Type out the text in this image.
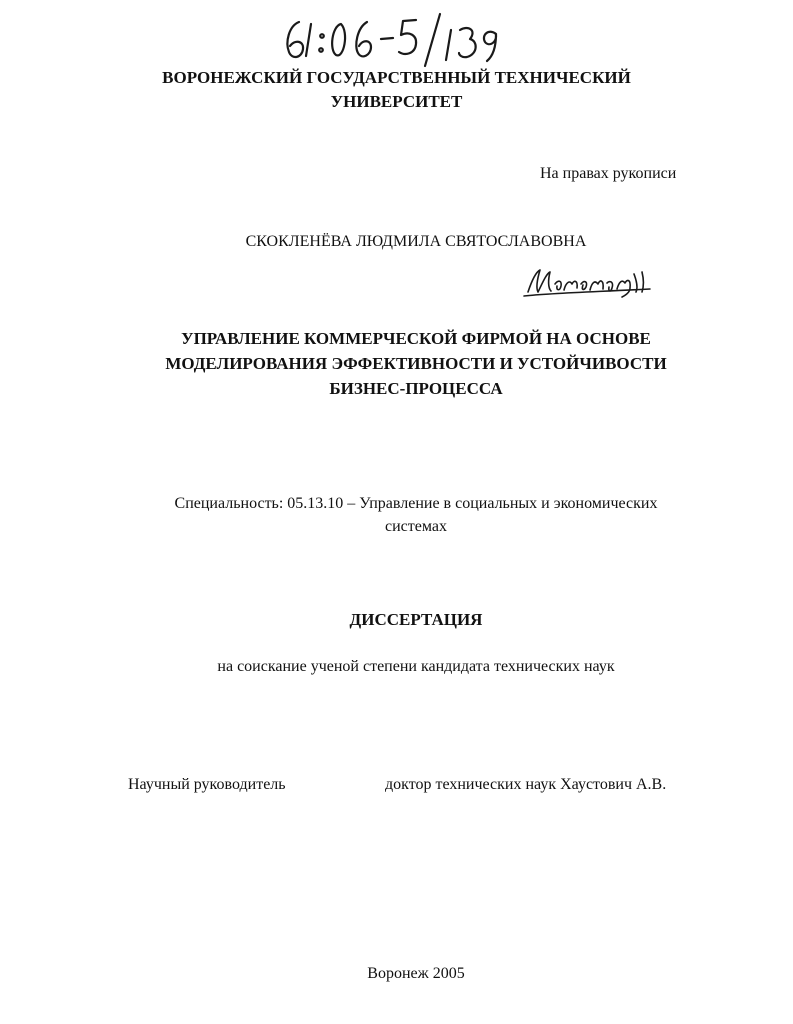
ВОРОНЕЖСКИЙ ГОСУДАРСТВЕННЫЙ ТЕХНИЧЕСКИЙ
УНИВЕРСИТЕТ
На правах рукописи
СКОКЛЕНЁВА ЛЮДМИЛА СВЯТОСЛАВОВНА
УПРАВЛЕНИЕ КОММЕРЧЕСКОЙ ФИРМОЙ НА ОСНОВЕ
МОДЕЛИРОВАНИЯ ЭФФЕКТИВНОСТИ И УСТОЙЧИВОСТИ
БИЗНЕС-ПРОЦЕССА
Специальность: 05.13.10 – Управление в социальных и экономических
системах
ДИССЕРТАЦИЯ
на соискание ученой степени кандидата технических наук
Научный руководитель	доктор технических наук Хаустович А.В.
Воронеж 2005
